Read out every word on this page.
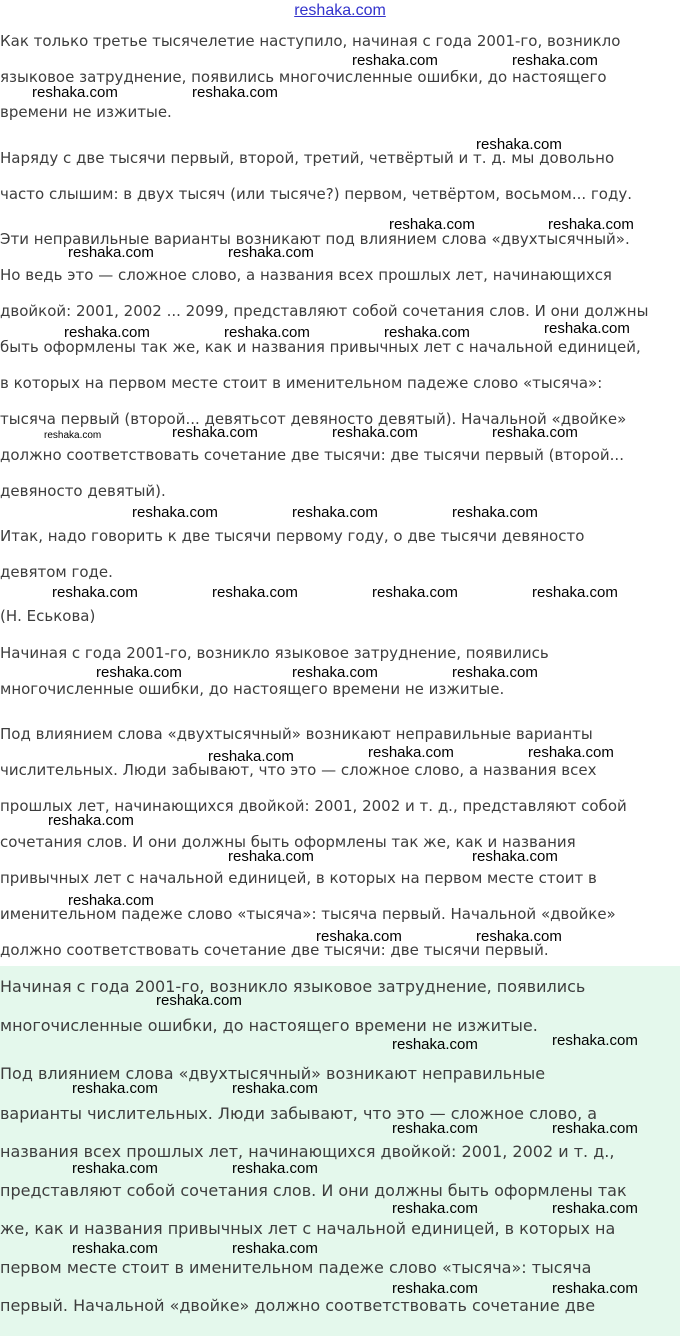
reshaka.com
Как только третье тысячелетие наступило, начиная с года 2001-го, возникло
языковое затруднение, появились многочисленные ошибки, до настоящего
времени не изжитые.
Наряду с две тысячи первый, второй, третий, четвёртый и т. д. мы довольно
часто слышим: в двух тысяч (или тысяче?) первом, четвёртом, восьмом... году.
Эти неправильные варианты возникают под влиянием слова «двухтысячный».
Но ведь это — сложное слово, а названия всех прошлых лет, начинающихся
двойкой: 2001, 2002 ... 2099, представляют собой сочетания слов. И они должны
быть оформлены так же, как и названия привычных лет с начальной единицей,
в которых на первом месте стоит в именительном падеже слово «тысяча»:
тысяча первый (второй... девятьсот девяносто девятый). Начальной «двойке»
должно соответствовать сочетание две тысячи: две тысячи первый (второй...
девяносто девятый).
Итак, надо говорить к две тысячи первому году, о две тысячи девяносто
девятом годе.
(Н. Еськова)
Начиная с года 2001-го, возникло языковое затруднение, появились
многочисленные ошибки, до настоящего времени не изжитые.
Под влиянием слова «двухтысячный» возникают неправильные варианты
числительных. Люди забывают, что это — сложное слово, а названия всех
прошлых лет, начинающихся двойкой: 2001, 2002 и т. д., представляют собой
сочетания слов. И они должны быть оформлены так же, как и названия
привычных лет с начальной единицей, в которых на первом месте стоит в
именительном падеже слово «тысяча»: тысяча первый. Начальной «двойке»
должно соответствовать сочетание две тысячи: две тысячи первый.
Начиная с года 2001-го, возникло языковое затруднение, появились
многочисленные ошибки, до настоящего времени не изжитые.
Под влиянием слова «двухтысячный» возникают неправильные
варианты числительных. Люди забывают, что это — сложное слово, а
названия всех прошлых лет, начинающихся двойкой: 2001, 2002 и т. д.,
представляют собой сочетания слов. И они должны быть оформлены так
же, как и названия привычных лет с начальной единицей, в которых на
первом месте стоит в именительном падеже слово «тысяча»: тысяча
первый. Начальной «двойке» должно соответствовать сочетание две
reshaka.com	reshaka.com
reshaka.com	reshaka.com
reshaka.com
reshaka.com	reshaka.com
reshaka.com	reshaka.com
reshaka.com	reshaka.com	reshaka.com	reshaka.com
reshaka.com	reshaka.com	reshaka.com	reshaka.com
reshaka.com	reshaka.com	reshaka.com
reshaka.com	reshaka.com	reshaka.com	reshaka.com
reshaka.com	reshaka.com	reshaka.com
reshaka.com	reshaka.com	reshaka.com
reshaka.com
reshaka.com	reshaka.com
reshaka.com
reshaka.com	reshaka.com
reshaka.com
reshaka.com	reshaka.com
reshaka.com	reshaka.com
reshaka.com	reshaka.com
reshaka.com	reshaka.com
reshaka.com	reshaka.com
reshaka.com	reshaka.com
reshaka.com	reshaka.com
